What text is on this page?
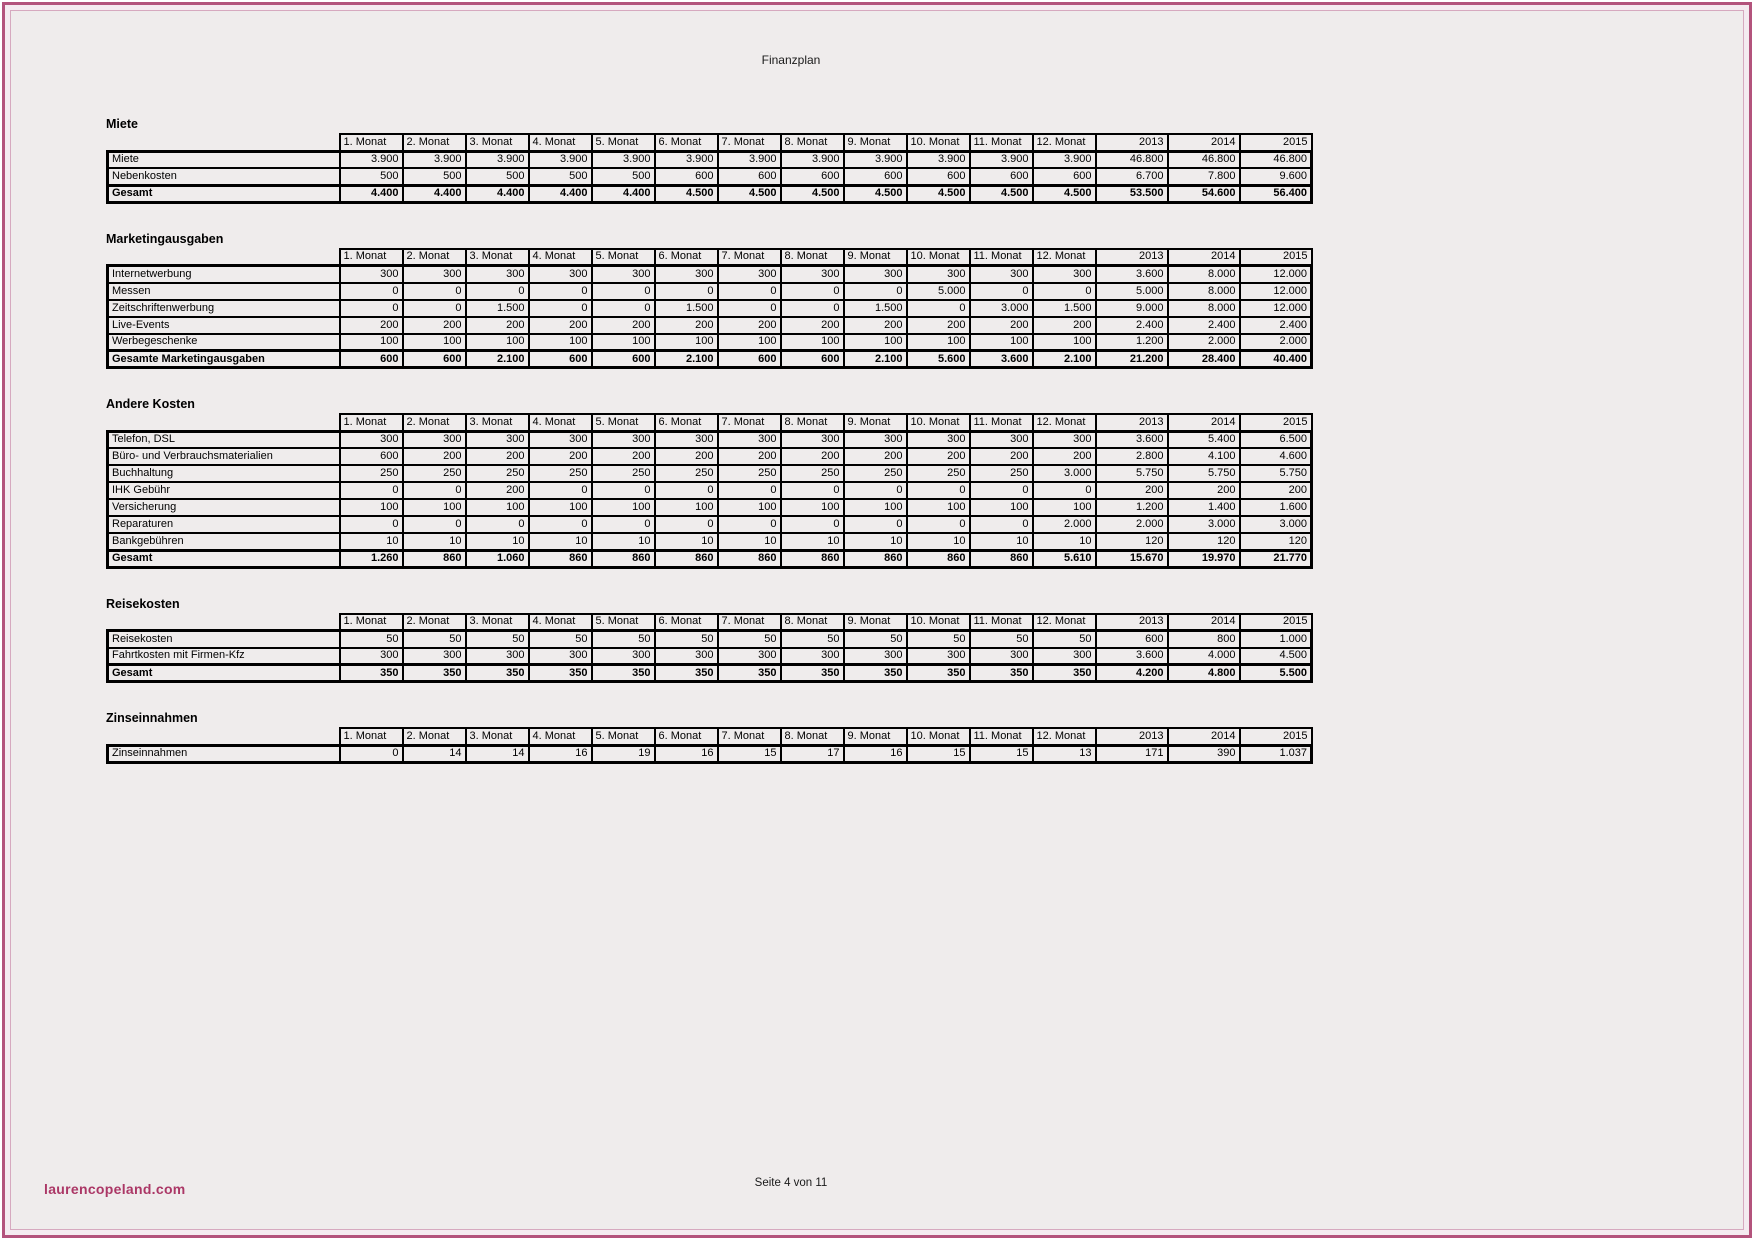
Finanzplan
Miete
	1. Monat	2. Monat	3. Monat	4. Monat	5. Monat	6. Monat	7. Monat	8. Monat	9. Monat	10. Monat	11. Monat	12. Monat	2013	2014	2015
Miete	3.900	3.900	3.900	3.900	3.900	3.900	3.900	3.900	3.900	3.900	3.900	3.900	46.800	46.800	46.800
Nebenkosten	500	500	500	500	500	600	600	600	600	600	600	600	6.700	7.800	9.600
Gesamt	4.400	4.400	4.400	4.400	4.400	4.500	4.500	4.500	4.500	4.500	4.500	4.500	53.500	54.600	56.400
Marketingausgaben
	1. Monat	2. Monat	3. Monat	4. Monat	5. Monat	6. Monat	7. Monat	8. Monat	9. Monat	10. Monat	11. Monat	12. Monat	2013	2014	2015
Internetwerbung	300	300	300	300	300	300	300	300	300	300	300	300	3.600	8.000	12.000
Messen	0	0	0	0	0	0	0	0	0	5.000	0	0	5.000	8.000	12.000
Zeitschriftenwerbung	0	0	1.500	0	0	1.500	0	0	1.500	0	3.000	1.500	9.000	8.000	12.000
Live-Events	200	200	200	200	200	200	200	200	200	200	200	200	2.400	2.400	2.400
Werbegeschenke	100	100	100	100	100	100	100	100	100	100	100	100	1.200	2.000	2.000
Gesamte Marketingausgaben	600	600	2.100	600	600	2.100	600	600	2.100	5.600	3.600	2.100	21.200	28.400	40.400
Andere Kosten
	1. Monat	2. Monat	3. Monat	4. Monat	5. Monat	6. Monat	7. Monat	8. Monat	9. Monat	10. Monat	11. Monat	12. Monat	2013	2014	2015
Telefon, DSL	300	300	300	300	300	300	300	300	300	300	300	300	3.600	5.400	6.500
Büro- und Verbrauchsmaterialien	600	200	200	200	200	200	200	200	200	200	200	200	2.800	4.100	4.600
Buchhaltung	250	250	250	250	250	250	250	250	250	250	250	3.000	5.750	5.750	5.750
IHK Gebühr	0	0	200	0	0	0	0	0	0	0	0	0	200	200	200
Versicherung	100	100	100	100	100	100	100	100	100	100	100	100	1.200	1.400	1.600
Reparaturen	0	0	0	0	0	0	0	0	0	0	0	2.000	2.000	3.000	3.000
Bankgebühren	10	10	10	10	10	10	10	10	10	10	10	10	120	120	120
Gesamt	1.260	860	1.060	860	860	860	860	860	860	860	860	5.610	15.670	19.970	21.770
Reisekosten
	1. Monat	2. Monat	3. Monat	4. Monat	5. Monat	6. Monat	7. Monat	8. Monat	9. Monat	10. Monat	11. Monat	12. Monat	2013	2014	2015
Reisekosten	50	50	50	50	50	50	50	50	50	50	50	50	600	800	1.000
Fahrtkosten mit Firmen-Kfz	300	300	300	300	300	300	300	300	300	300	300	300	3.600	4.000	4.500
Gesamt	350	350	350	350	350	350	350	350	350	350	350	350	4.200	4.800	5.500
Zinseinnahmen
	1. Monat	2. Monat	3. Monat	4. Monat	5. Monat	6. Monat	7. Monat	8. Monat	9. Monat	10. Monat	11. Monat	12. Monat	2013	2014	2015
Zinseinnahmen	0	14	14	16	19	16	15	17	16	15	15	13	171	390	1.037
laurencopeland.com	Seite 4 von 11
